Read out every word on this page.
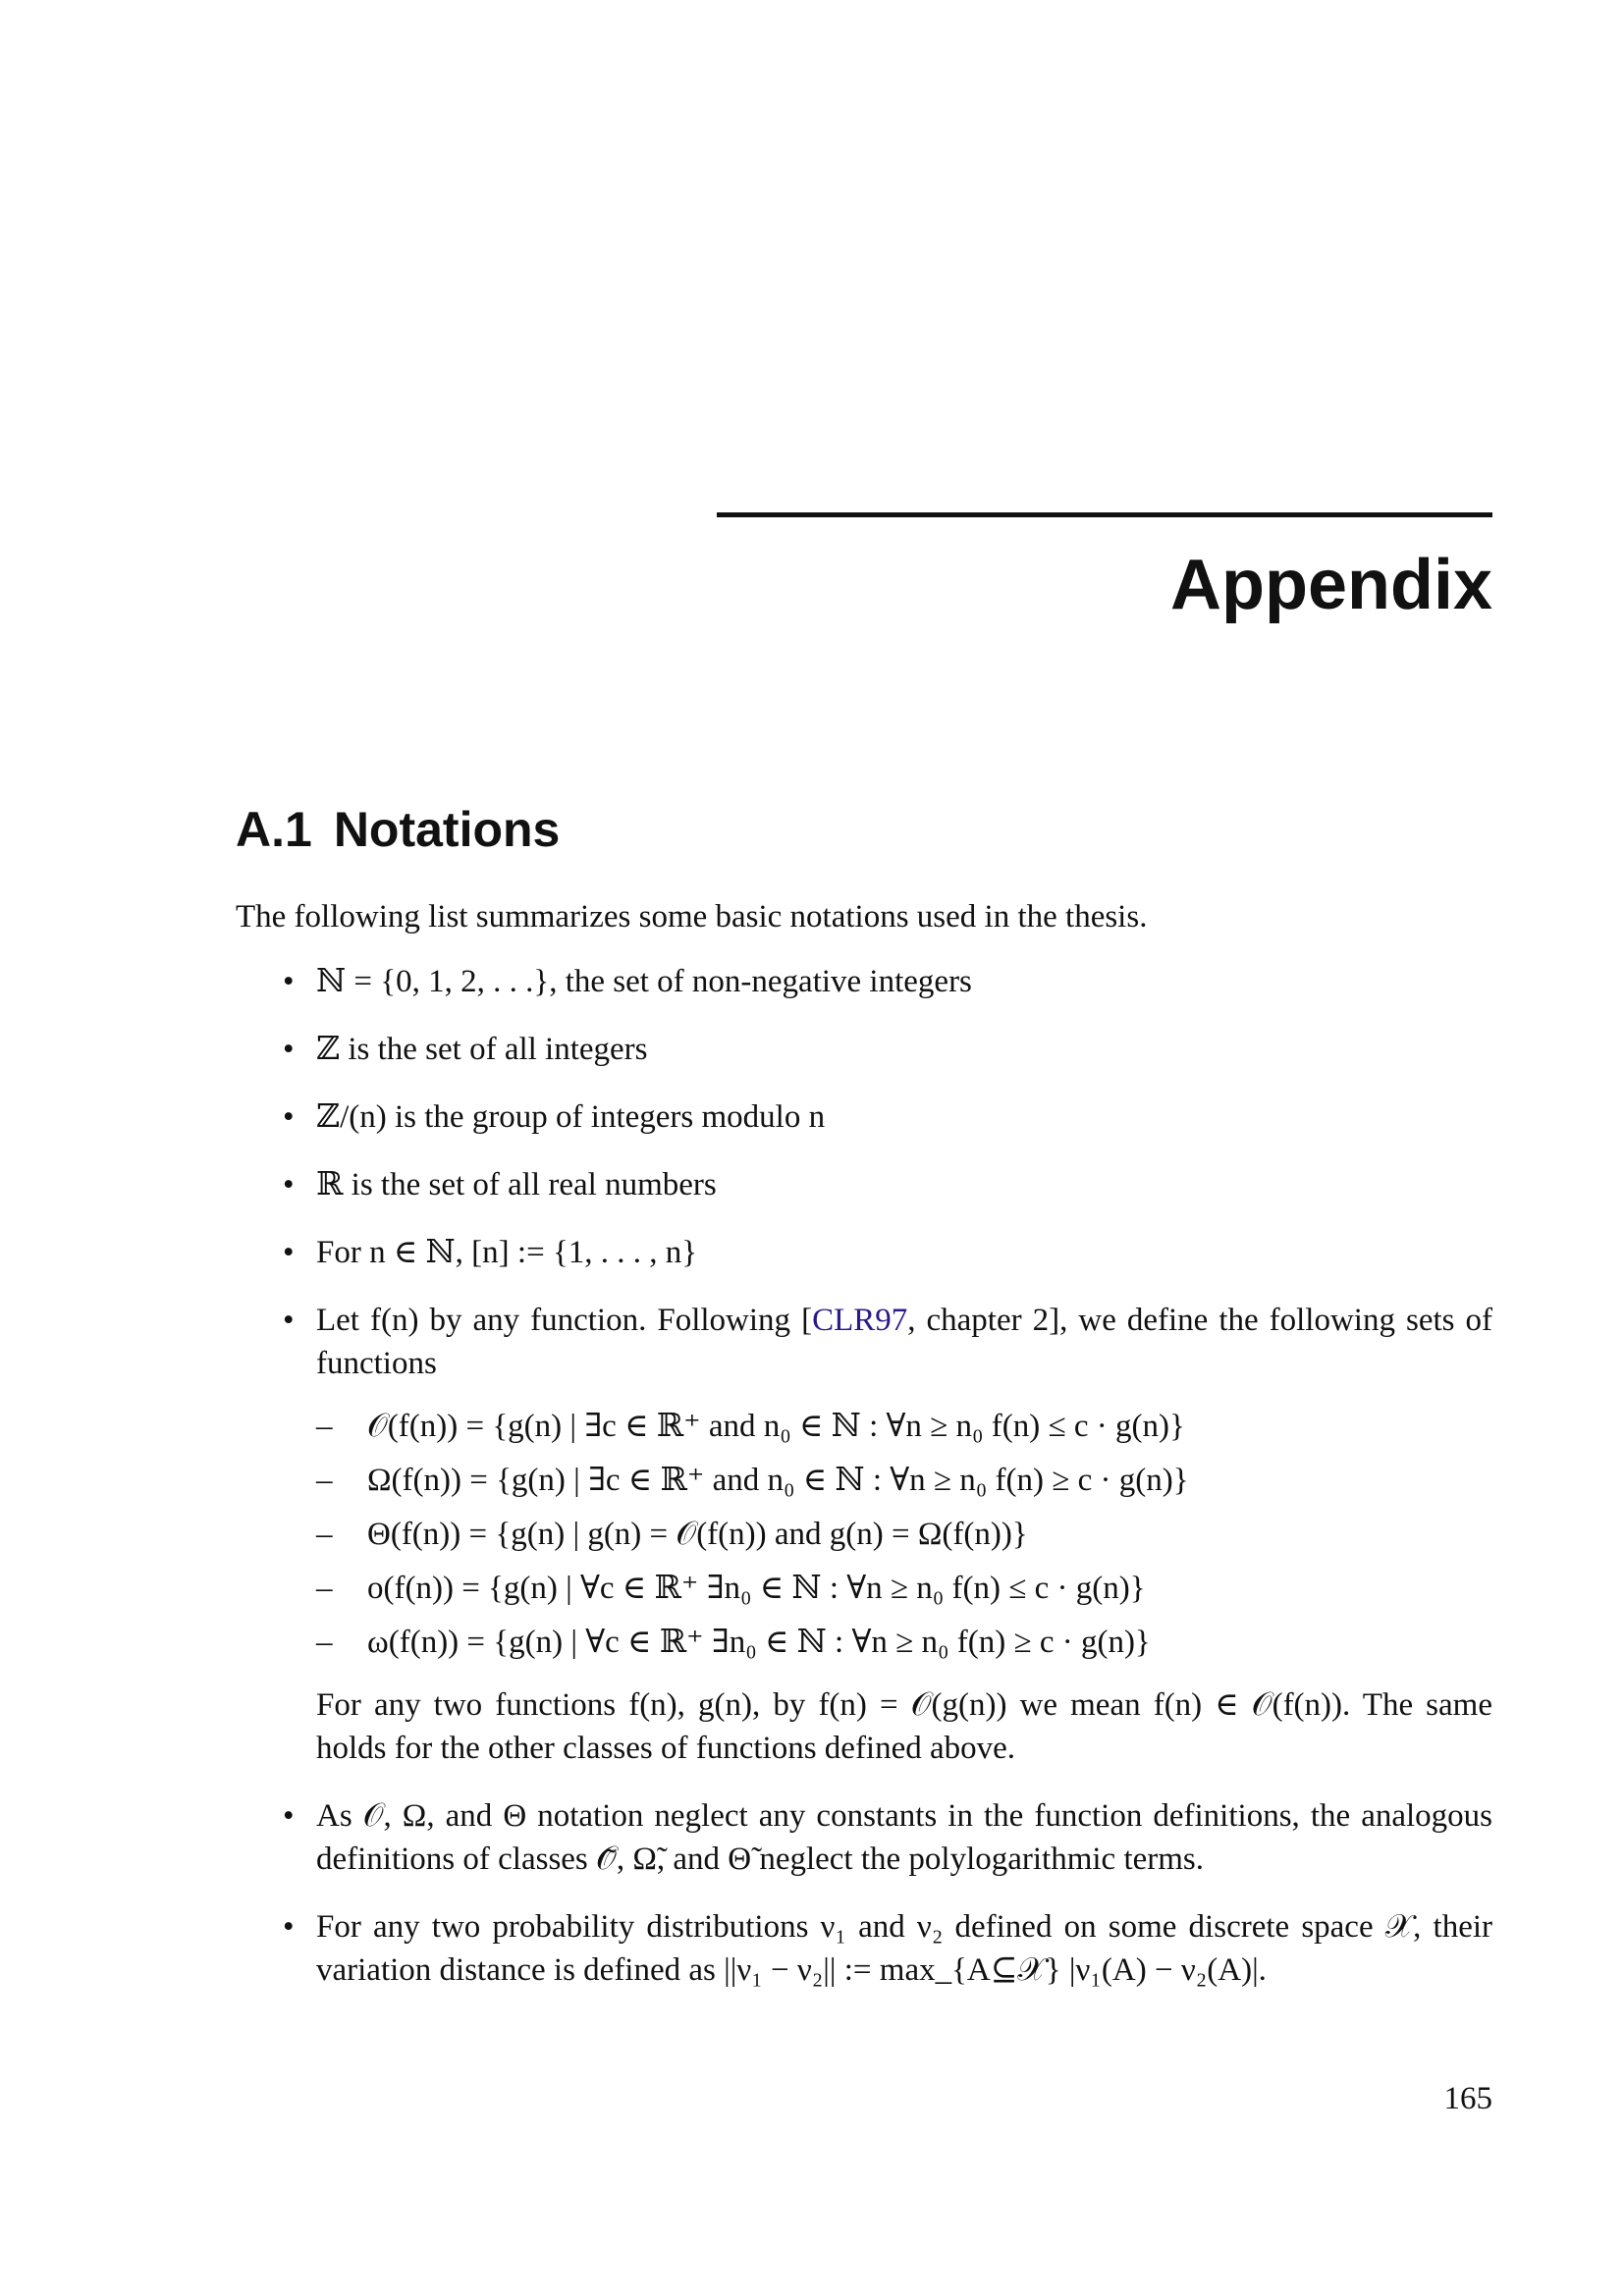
Appendix
A.1 Notations

The following list summarizes some basic notations used in the thesis.

• ℕ = {0, 1, 2, . . .}, the set of non-negative integers
• ℤ is the set of all integers
• ℤ/(n) is the group of integers modulo n
• ℝ is the set of all real numbers
• For n ∈ ℕ, [n] := {1, . . . , n}
• Let f(n) by any function. Following [CLR97, chapter 2], we define the following sets of functions
– 𝒪(f(n)) = {g(n) | ∃c ∈ ℝ⁺ and n₀ ∈ ℕ : ∀n ≥ n₀ f(n) ≤ c · g(n)}
– Ω(f(n)) = {g(n) | ∃c ∈ ℝ⁺ and n₀ ∈ ℕ : ∀n ≥ n₀ f(n) ≥ c · g(n)}
– Θ(f(n)) = {g(n) | g(n) = 𝒪(f(n)) and g(n) = Ω(f(n))}
– o(f(n)) = {g(n) | ∀c ∈ ℝ⁺ ∃n₀ ∈ ℕ : ∀n ≥ n₀ f(n) ≤ c · g(n)}
– ω(f(n)) = {g(n) | ∀c ∈ ℝ⁺ ∃n₀ ∈ ℕ : ∀n ≥ n₀ f(n) ≥ c · g(n)}

For any two functions f(n), g(n), by f(n) = 𝒪(g(n)) we mean f(n) ∈ 𝒪(f(n)). The same holds for the other classes of functions defined above.

• As 𝒪, Ω, and Θ notation neglect any constants in the function definitions, the analogous definitions of classes 𝒪̃, Ω̃, and Θ̃ neglect the polylogarithmic terms.
• For any two probability distributions ν₁ and ν₂ defined on some discrete space 𝒳, their variation distance is defined as ||ν₁ − ν₂|| := max_{A⊆𝒳} |ν₁(A) − ν₂(A)|.
165
